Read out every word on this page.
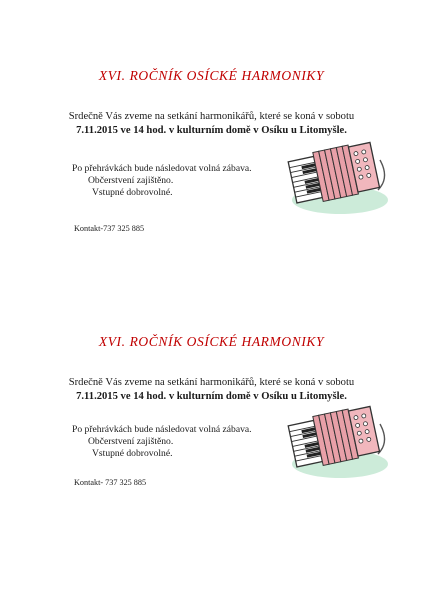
XVI. ROČNÍK OSÍCKÉ HARMONIKY
Srdečně Vás zveme na setkání harmonikářů, které se koná v sobotu

7.11.2015 ve 14 hod. v kulturním domě v Osíku u Litomyšle.
Po přehrávkách bude následovat volná zábava.
Občerstvení zajištěno.
Vstupné dobrovolné.
Kontakt-737 325 885
XVI. ROČNÍK OSÍCKÉ HARMONIKY
Srdečně Vás zveme na setkání harmonikářů, které se koná v sobotu

7.11.2015 ve 14 hod. v kulturním domě v Osíku u Litomyšle.
Po přehrávkách bude následovat volná zábava.
Občerstvení zajištěno.
Vstupné dobrovolné.
Kontakt- 737 325 885
